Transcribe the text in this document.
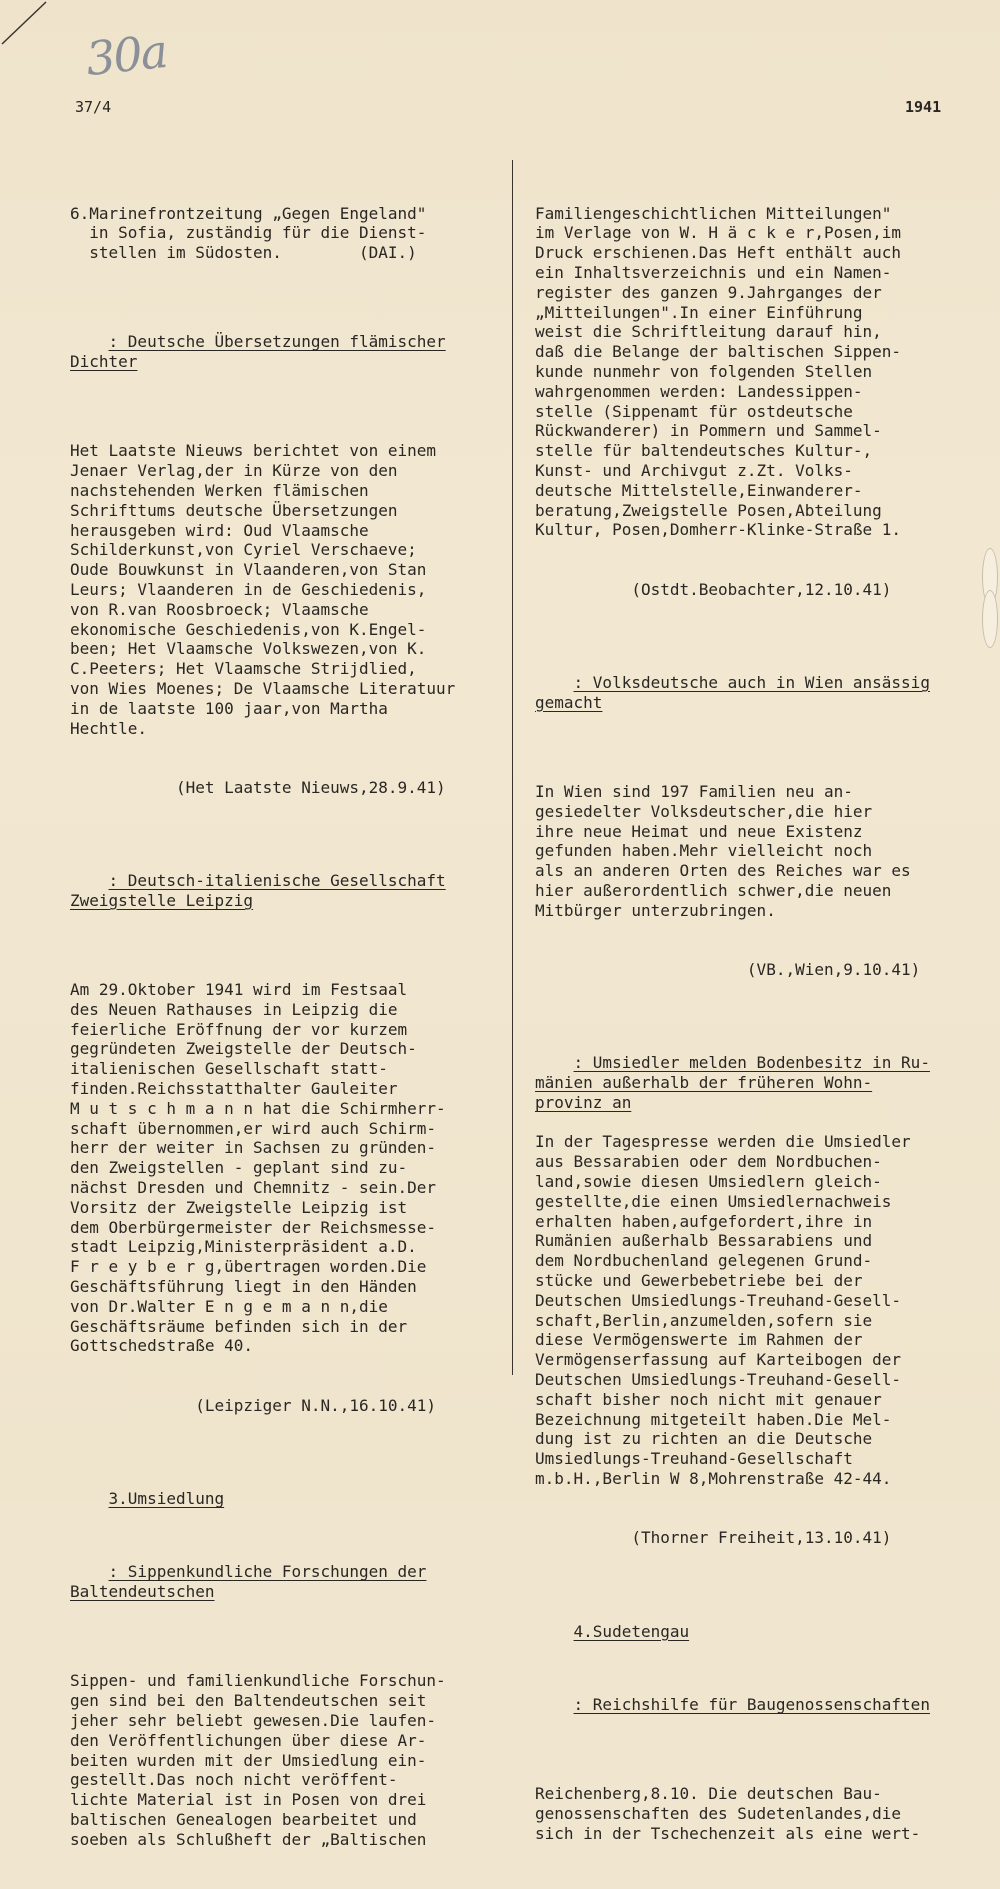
30a
37/4	1941

6.Marinefrontzeitung „Gegen Engeland"
in Sofia, zuständig für die Dienst-
stellen im Südosten.        (DAI.)

: Deutsche Übersetzungen flämischer
Dichter

Het Laatste Nieuws berichtet von einem
Jenaer Verlag,der in Kürze von den
nachstehenden Werken flämischen
Schrifttums deutsche Übersetzungen
herausgeben wird: Oud Vlaamsche
Schilderkunst,von Cyriel Verschaeve;
Oude Bouwkunst in Vlaanderen,von Stan
Leurs; Vlaanderen in de Geschiedenis,
von R.van Roosbroeck; Vlaamsche
ekonomische Geschiedenis,von K.Engel-
been; Het Vlaamsche Volkswezen,von K.
C.Peeters; Het Vlaamsche Strijdlied,
von Wies Moenes; De Vlaamsche Literatuur
in de laatste 100 jaar,von Martha
Hechtle.

(Het Laatste Nieuws,28.9.41)

: Deutsch-italienische Gesellschaft
Zweigstelle Leipzig

Am 29.Oktober 1941 wird im Festsaal
des Neuen Rathauses in Leipzig die
feierliche Eröffnung der vor kurzem
gegründeten Zweigstelle der Deutsch-
italienischen Gesellschaft statt-
finden.Reichsstatthalter Gauleiter
M u t s c h m a n n hat die Schirmherr-
schaft übernommen,er wird auch Schirm-
herr der weiter in Sachsen zu gründen-
den Zweigstellen - geplant sind zu-
nächst Dresden und Chemnitz - sein.Der
Vorsitz der Zweigstelle Leipzig ist
dem Oberbürgermeister der Reichsmesse-
stadt Leipzig,Ministerpräsident a.D.
F r e y b e r g,übertragen worden.Die
Geschäftsführung liegt in den Händen
von Dr.Walter E n g e m a n n,die
Geschäftsräume befinden sich in der
Gottschedstraße 40.

(Leipziger N.N.,16.10.41)

3.Umsiedlung

: Sippenkundliche Forschungen der
Baltendeutschen

Sippen- und familienkundliche Forschun-
gen sind bei den Baltendeutschen seit
jeher sehr beliebt gewesen.Die laufen-
den Veröffentlichungen über diese Ar-
beiten wurden mit der Umsiedlung ein-
gestellt.Das noch nicht veröffent-
lichte Material ist in Posen von drei
baltischen Genealogen bearbeitet und
soeben als Schlußheft der „Baltischen

Familiengeschichtlichen Mitteilungen"
im Verlage von W. H ä c k e r,Posen,im
Druck erschienen.Das Heft enthält auch
ein Inhaltsverzeichnis und ein Namen-
register des ganzen 9.Jahrganges der
„Mitteilungen".In einer Einführung
weist die Schriftleitung darauf hin,
daß die Belange der baltischen Sippen-
kunde nunmehr von folgenden Stellen
wahrgenommen werden: Landessippen-
stelle (Sippenamt für ostdeutsche
Rückwanderer) in Pommern und Sammel-
stelle für baltendeutsches Kultur-,
Kunst- und Archivgut z.Zt. Volks-
deutsche Mittelstelle,Einwanderer-
beratung,Zweigstelle Posen,Abteilung
Kultur, Posen,Domherr-Klinke-Straße 1.

(Ostdt.Beobachter,12.10.41)

: Volksdeutsche auch in Wien ansässig
gemacht

In Wien sind 197 Familien neu an-
gesiedelter Volksdeutscher,die hier
ihre neue Heimat und neue Existenz
gefunden haben.Mehr vielleicht noch
als an anderen Orten des Reiches war es
hier außerordentlich schwer,die neuen
Mitbürger unterzubringen.

(VB.,Wien,9.10.41)

: Umsiedler melden Bodenbesitz in Ru-
mänien außerhalb der früheren Wohn-
provinz an

In der Tagespresse werden die Umsiedler
aus Bessarabien oder dem Nordbuchen-
land,sowie diesen Umsiedlern gleich-
gestellte,die einen Umsiedlernachweis
erhalten haben,aufgefordert,ihre in
Rumänien außerhalb Bessarabiens und
dem Nordbuchenland gelegenen Grund-
stücke und Gewerbebetriebe bei der
Deutschen Umsiedlungs-Treuhand-Gesell-
schaft,Berlin,anzumelden,sofern sie
diese Vermögenswerte im Rahmen der
Vermögenserfassung auf Karteibogen der
Deutschen Umsiedlungs-Treuhand-Gesell-
schaft bisher noch nicht mit genauer
Bezeichnung mitgeteilt haben.Die Mel-
dung ist zu richten an die Deutsche
Umsiedlungs-Treuhand-Gesellschaft
m.b.H.,Berlin W 8,Mohrenstraße 42-44.

(Thorner Freiheit,13.10.41)

4.Sudetengau

: Reichshilfe für Baugenossenschaften

Reichenberg,8.10. Die deutschen Bau-
genossenschaften des Sudetenlandes,die
sich in der Tschechenzeit als eine wert-
